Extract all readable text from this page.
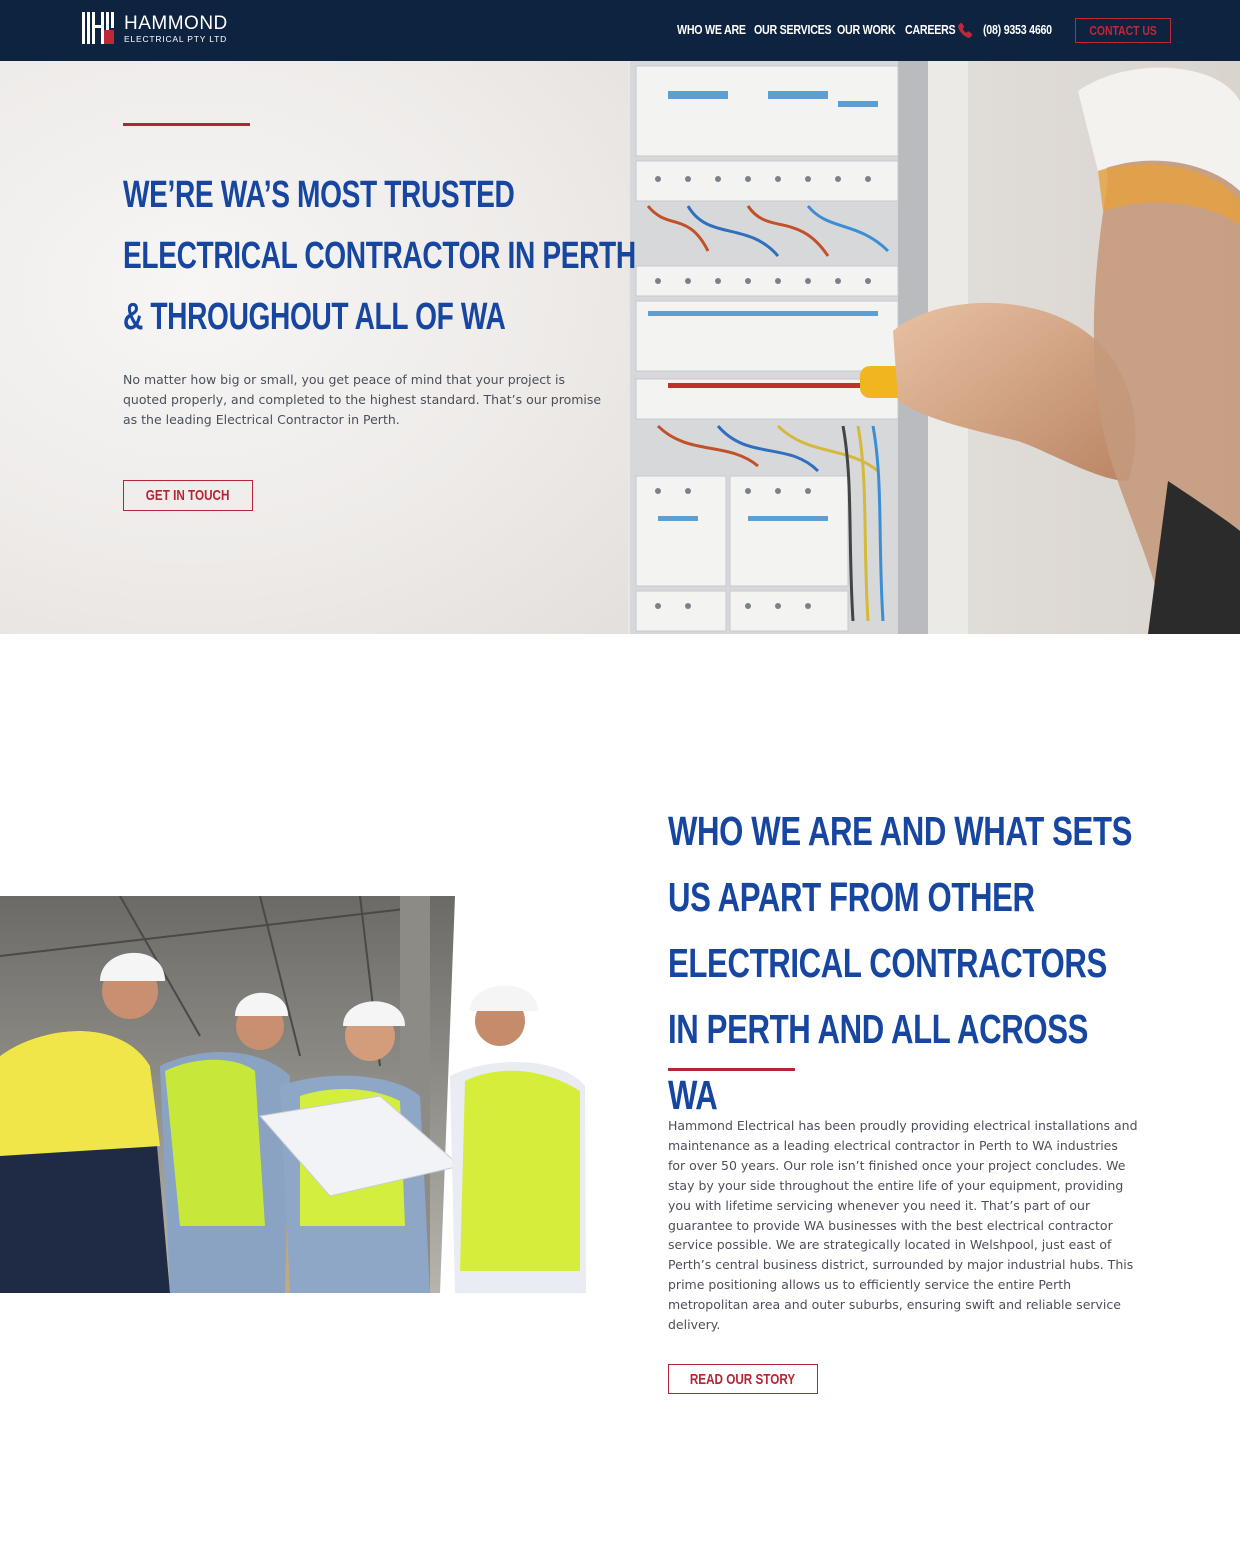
HAMMOND
ELECTRICAL PTY LTD
WHO WE ARE OUR SERVICES OUR WORK CAREERS (08) 9353 4660	CONTACT US
WE’RE WA’S MOST TRUSTED ELECTRICAL CONTRACTOR IN PERTH & THROUGHOUT ALL OF WA

No matter how big or small, you get peace of mind that your project is quoted properly, and completed to the highest standard. That’s our promise as the leading Electrical Contractor in Perth.

GET IN TOUCH
WHO WE ARE AND WHAT SETS US APART FROM OTHER ELECTRICAL CONTRACTORS IN PERTH AND ALL ACROSS WA

Hammond Electrical has been proudly providing electrical installations and maintenance as a leading electrical contractor in Perth to WA industries for over 50 years. Our role isn’t finished once your project concludes. We stay by your side throughout the entire life of your equipment, providing you with lifetime servicing whenever you need it. That’s part of our guarantee to provide WA businesses with the best electrical contractor service possible. We are strategically located in Welshpool, just east of Perth’s central business district, surrounded by major industrial hubs. This prime positioning allows us to efficiently service the entire Perth metropolitan area and outer suburbs, ensuring swift and reliable service delivery.

READ OUR STORY
